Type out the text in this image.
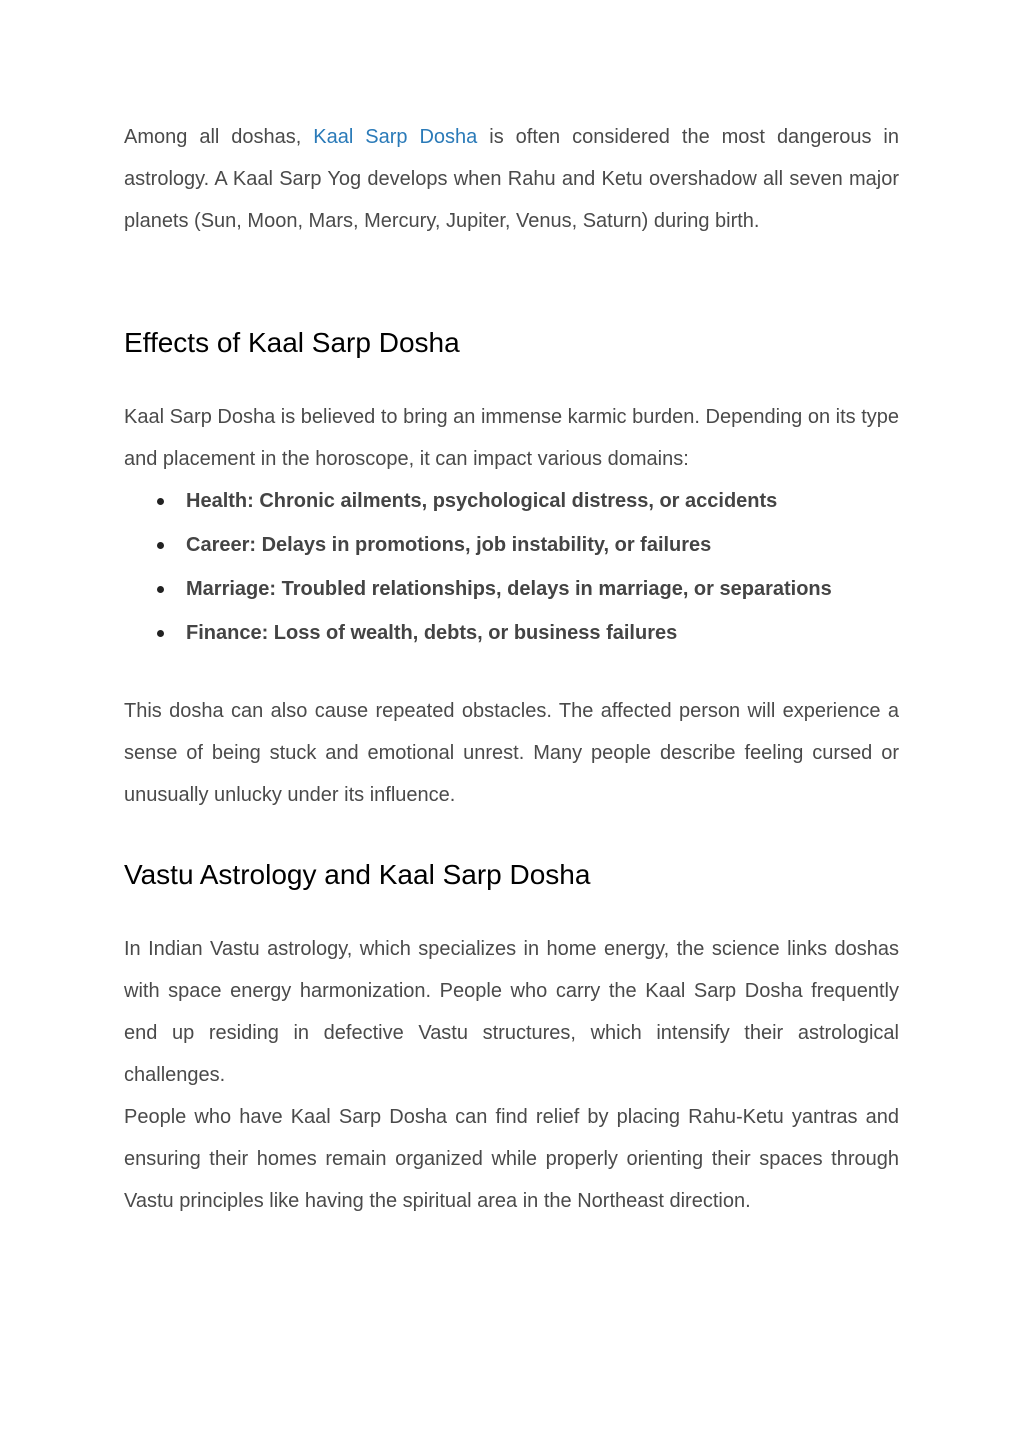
Among all doshas, Kaal Sarp Dosha is often considered the most dangerous in astrology. A Kaal Sarp Yog develops when Rahu and Ketu overshadow all seven major planets (Sun, Moon, Mars, Mercury, Jupiter, Venus, Saturn) during birth.

Effects of Kaal Sarp Dosha

Kaal Sarp Dosha is believed to bring an immense karmic burden. Depending on its type and placement in the horoscope, it can impact various domains:

Health: Chronic ailments, psychological distress, or accidents
Career: Delays in promotions, job instability, or failures
Marriage: Troubled relationships, delays in marriage, or separations
Finance: Loss of wealth, debts, or business failures

This dosha can also cause repeated obstacles. The affected person will experience a sense of being stuck and emotional unrest. Many people describe feeling cursed or unusually unlucky under its influence.

Vastu Astrology and Kaal Sarp Dosha

In Indian Vastu astrology, which specializes in home energy, the science links doshas with space energy harmonization. People who carry the Kaal Sarp Dosha frequently end up residing in defective Vastu structures, which intensify their astrological challenges.

People who have Kaal Sarp Dosha can find relief by placing Rahu-Ketu yantras and ensuring their homes remain organized while properly orienting their spaces through Vastu principles like having the spiritual area in the Northeast direction.
